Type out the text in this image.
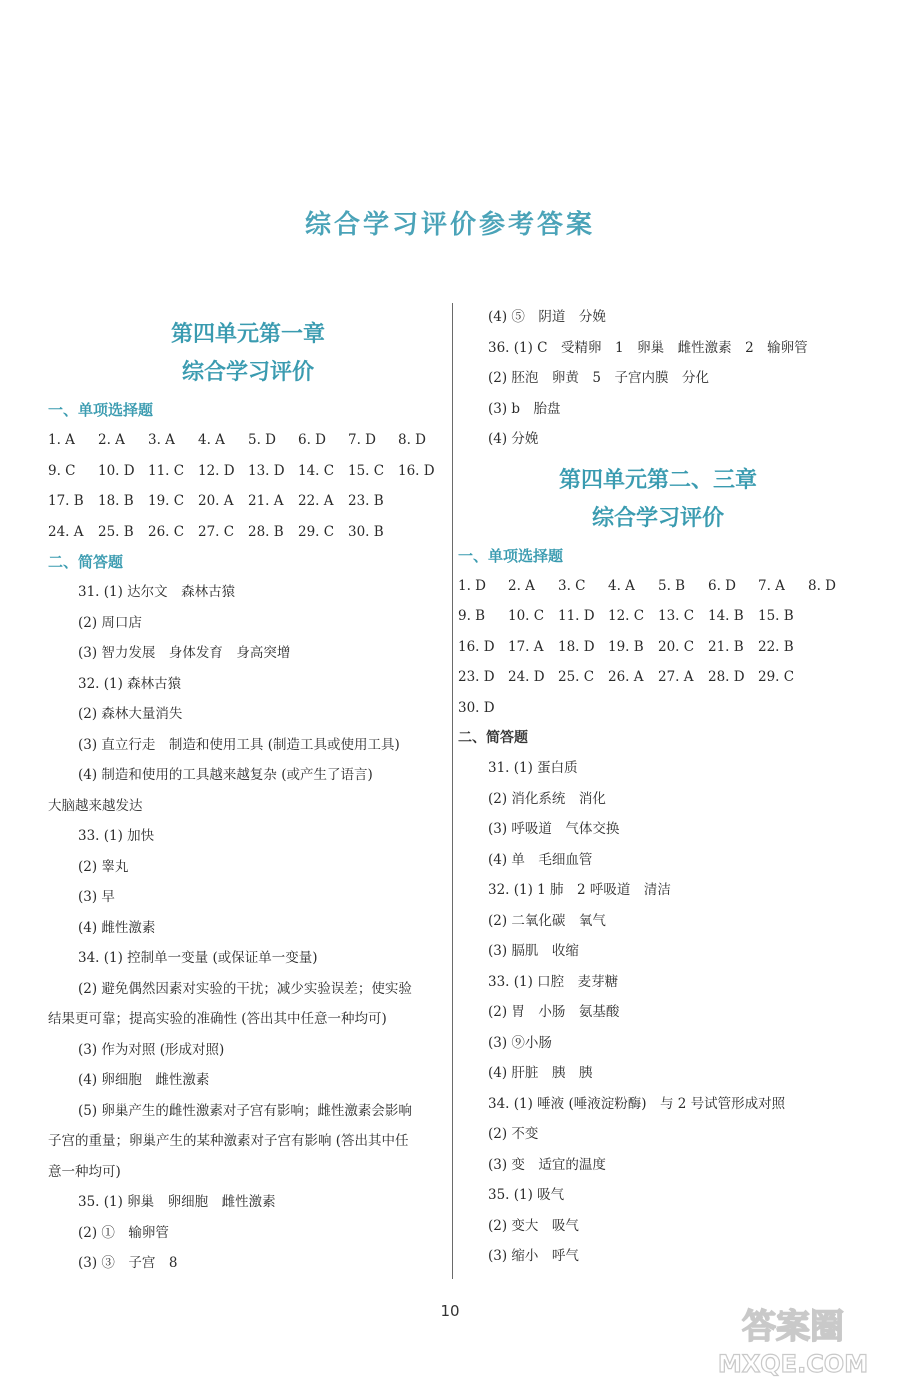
综合学习评价参考答案
第四单元第一章
综合学习评价
一、单项选择题
1. A	2. A	3. A	4. A	5. D	6. D	7. D	8. D
9. C	10. D 11. C	12. D 13. D 14. C	15. C	16. D
17. B	18. B	19. C	20. A	21. A	22. A	23. B
24. A	25. B	26. C	27. C	28. B	29. C	30. B
二、简答题
31. (1) 达尔文　森林古猿
(2) 周口店
(3) 智力发展　身体发育　身高突增
32. (1) 森林古猿
(2) 森林大量消失
(3) 直立行走　制造和使用工具 (制造工具或使用工具)
(4) 制造和使用的工具越来越复杂 (或产生了语言)
大脑越来越发达
33. (1) 加快
(2) 睾丸
(3) 早
(4) 雌性激素
34. (1) 控制单一变量 (或保证单一变量)
(2) 避免偶然因素对实验的干扰；减少实验误差；使实验
结果更可靠；提高实验的准确性 (答出其中任意一种均可)
(3) 作为对照 (形成对照)
(4) 卵细胞　雌性激素
(5) 卵巢产生的雌性激素对子宫有影响；雌性激素会影响
子宫的重量；卵巢产生的某种激素对子宫有影响 (答出其中任
意一种均可)
35. (1) 卵巢　卵细胞　雌性激素
(2) ①　输卵管
(3) ③　子宫　8
(4) ⑤　阴道　分娩
36. (1) C　受精卵　1　卵巢　雌性激素　2　输卵管
(2) 胚泡　卵黄　5　子宫内膜　分化
(3) b　胎盘
(4) 分娩
第四单元第二、三章
综合学习评价
一、单项选择题
1. D	2. A	3. C	4. A	5. B	6. D	7. A	8. D
9. B	10. C	11. D 12. C	13. C	14. B	15. B
16. D 17. A	18. D 19. B	20. C	21. B	22. B
23. D 24. D 25. C	26. A	27. A	28. D 29. C
30. D
二、简答题
31. (1) 蛋白质
(2) 消化系统　消化
(3) 呼吸道　气体交换
(4) 单　毛细血管
32. (1) 1 肺　2 呼吸道　清洁
(2) 二氧化碳　氧气
(3) 膈肌　收缩
33. (1) 口腔　麦芽糖
(2) 胃　小肠　氨基酸
(3) ⑨小肠
(4) 肝脏　胰　胰
34. (1) 唾液 (唾液淀粉酶)　与 2 号试管形成对照
(2) 不变
(3) 变　适宜的温度
35. (1) 吸气
(2) 变大　吸气
(3) 缩小　呼气
10	答案圈
MXQE.COM
